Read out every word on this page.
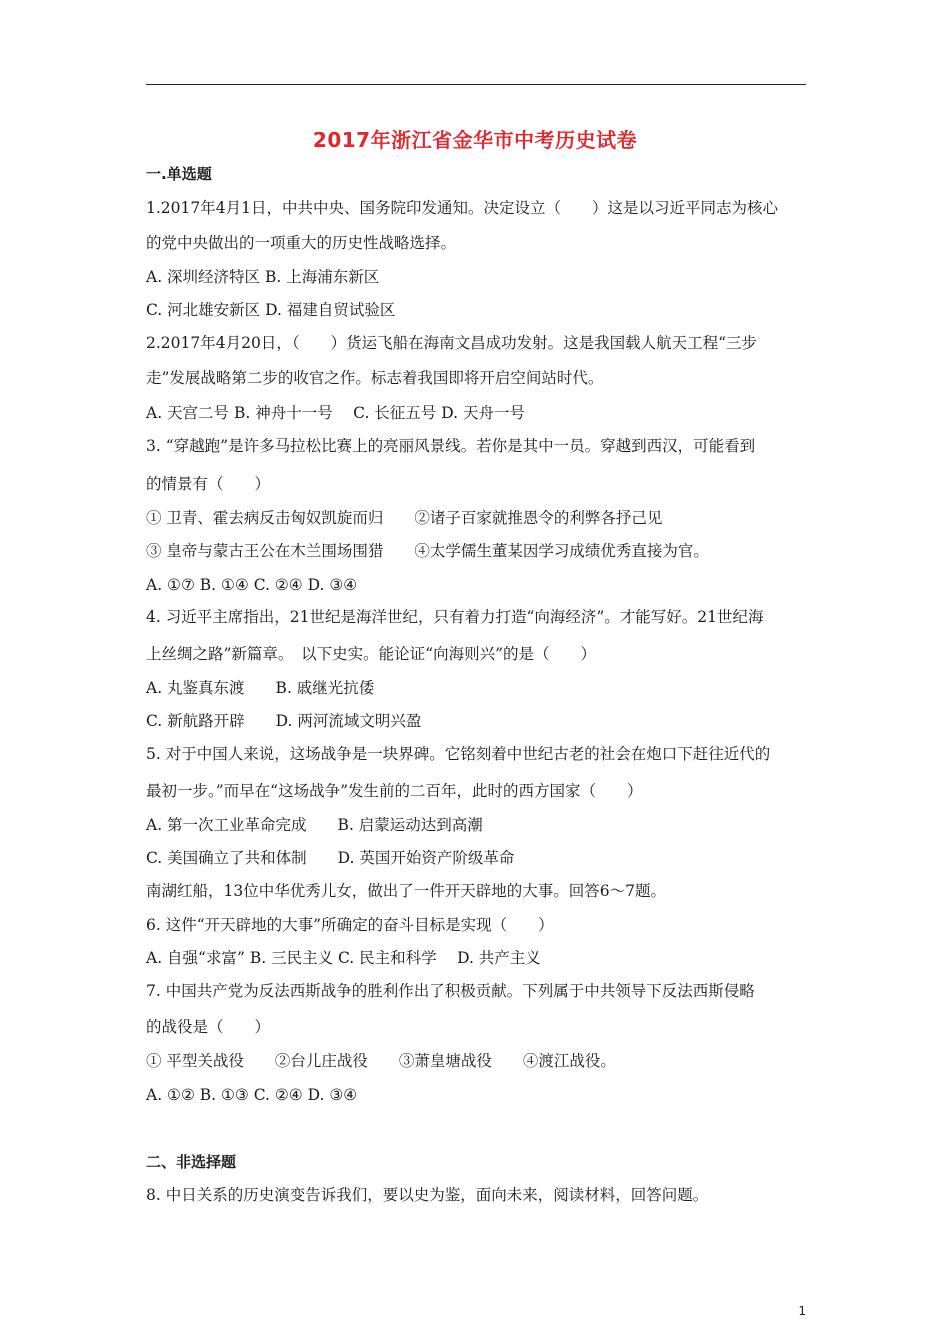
2017年浙江省金华市中考历史试卷
一.单选题
1.2017年4月1日，中共中央、国务院印发通知。决定设立（　　）这是以习近平同志为核心
的党中央做出的一项重大的历史性战略选择。
A. 深圳经济特区 B. 上海浦东新区
C. 河北雄安新区 D. 福建自贸试验区
2.2017年4月20日，（　　）货运飞船在海南文昌成功发射。这是我国载人航天工程“三步
走”发展战略第二步的收官之作。标志着我国即将开启空间站时代。
A. 天宫二号 B. 神舟十一号　 C. 长征五号 D. 天舟一号
3. “穿越跑”是许多马拉松比赛上的亮丽风景线。若你是其中一员。穿越到西汉，可能看到
的情景有（　　）
① 卫青、霍去病反击匈奴凯旋而归　　②诸子百家就推恩令的利弊各抒己见
③ 皇帝与蒙古王公在木兰围场围猎　　④太学儒生董某因学习成绩优秀直接为官。
A. ①⑦ B. ①④ C. ②④ D. ③④
4. 习近平主席指出，21世纪是海洋世纪，只有着力打造“向海经济”。才能写好。21世纪海
上丝绸之路”新篇章。　以下史实。能论证“向海则兴”的是（　　）
A. 丸鉴真东渡　　B. 戚继光抗倭
C. 新航路开辟　　D. 两河流域文明兴盈
5. 对于中国人来说，这场战争是一块界碑。它铭刻着中世纪古老的社会在炮口下赶往近代的
最初一步。”而早在“这场战争”发生前的二百年，此时的西方国家（　　）
A. 第一次工业革命完成　　B. 启蒙运动达到高潮
C. 美国确立了共和体制　　D. 英国开始资产阶级革命
南湖红船，13位中华优秀儿女，做出了一件开天辟地的大事。回答6～7题。
6. 这件“开天辟地的大事”所确定的奋斗目标是实现（　　）
A. 自强“求富” B. 三民主义 C. 民主和科学　 D. 共产主义
7. 中国共产党为反法西斯战争的胜利作出了积极贡献。下列属于中共领导下反法西斯侵略
的战役是（　　）
① 平型关战役　　②台儿庄战役　　③萧皇塘战役　　④渡江战役。
A. ①② B. ①③ C. ②④ D. ③④
二、非选择题
8. 中日关系的历史演变告诉我们，要以史为鉴，面向未来，阅读材料，回答问题。
1
